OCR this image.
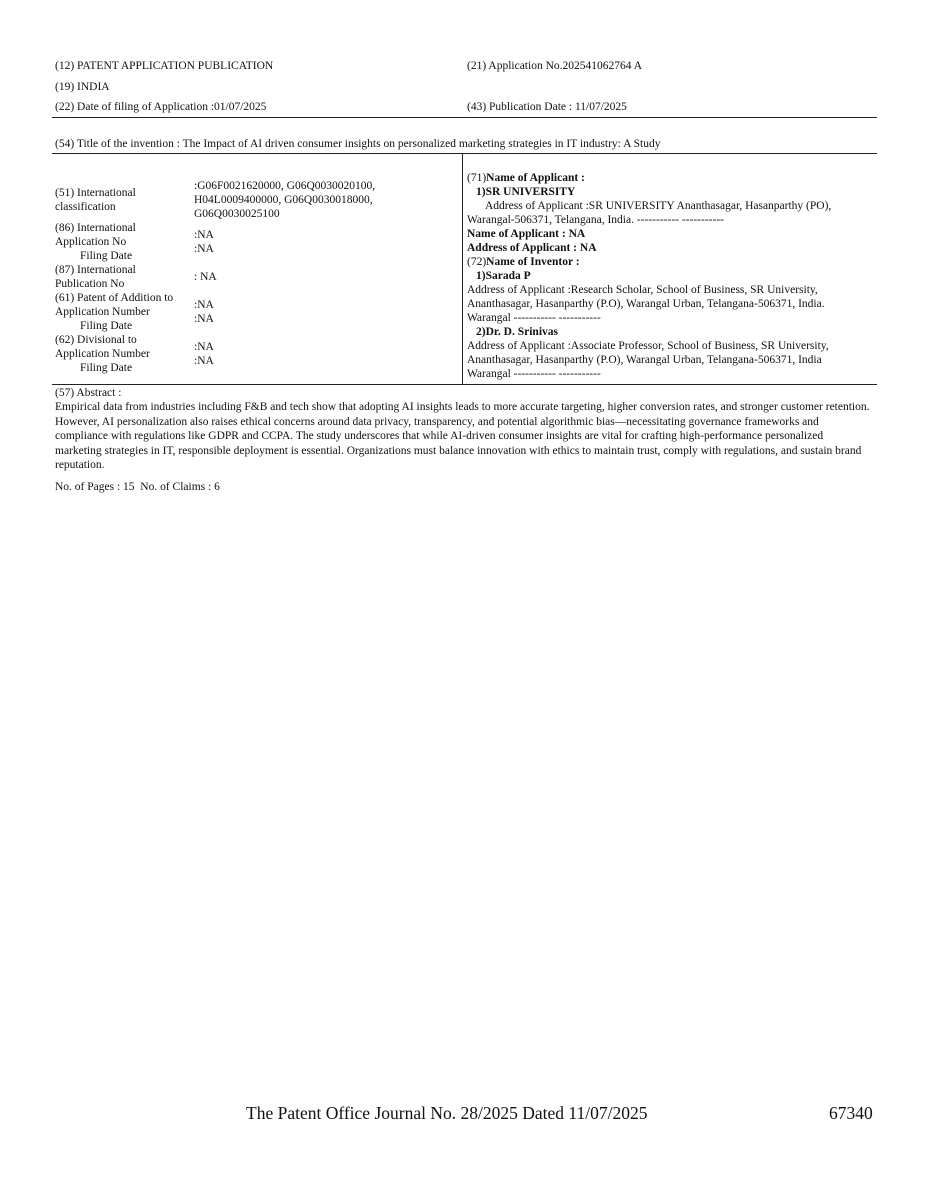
(12) PATENT APPLICATION PUBLICATION
(19) INDIA
(22) Date of filing of Application :01/07/2025
(21) Application No.202541062764 A
(43) Publication Date : 11/07/2025
(54) Title of the invention : The Impact of AI driven consumer insights on personalized marketing strategies in IT industry: A Study
(51) International
classification
(86) International
Application No
Filing Date
(87) International
Publication No
(61) Patent of Addition to
Application Number
Filing Date
(62) Divisional to
Application Number
Filing Date
:G06F0021620000, G06Q0030020100,
H04L0009400000, G06Q0030018000,
G06Q0030025100
:NA
:NA
: NA
:NA
:NA
:NA
:NA
(71)Name of Applicant :
1)SR UNIVERSITY
Address of Applicant :SR UNIVERSITY Ananthasagar, Hasanparthy (PO),
Warangal-506371, Telangana, India. ----------- -----------
Name of Applicant : NA
Address of Applicant : NA
(72)Name of Inventor :
1)Sarada P
Address of Applicant :Research Scholar, School of Business, SR University,
Ananthasagar, Hasanparthy (P.O), Warangal Urban, Telangana-506371, India.
Warangal ----------- -----------
2)Dr. D. Srinivas
Address of Applicant :Associate Professor, School of Business, SR University,
Ananthasagar, Hasanparthy (P.O), Warangal Urban, Telangana-506371, India
Warangal ----------- -----------
(57) Abstract :
Empirical data from industries including F&B and tech show that adopting AI insights leads to more accurate targeting, higher conversion rates, and stronger customer retention. However, AI personalization also raises ethical concerns around data privacy, transparency, and potential algorithmic bias—necessitating governance frameworks and compliance with regulations like GDPR and CCPA. The study underscores that while AI-driven consumer insights are vital for crafting high-performance personalized marketing strategies in IT, responsible deployment is essential. Organizations must balance innovation with ethics to maintain trust, comply with regulations, and sustain brand reputation.
No. of Pages : 15  No. of Claims : 6
The Patent Office Journal No. 28/2025 Dated 11/07/2025	67340
